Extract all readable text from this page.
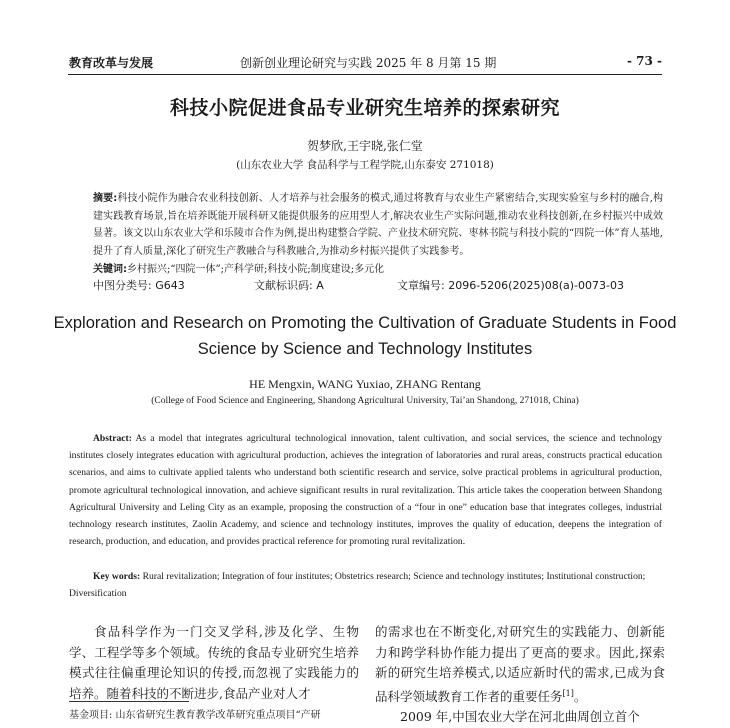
教育改革与发展	创新创业理论研究与实践 2025 年 8 月第 15 期	- 73 -
科技小院促进食品专业研究生培养的探索研究
贺梦欣,王宇晓,张仁堂
(山东农业大学 食品科学与工程学院,山东泰安 271018)
摘要:科技小院作为融合农业科技创新、人才培养与社会服务的模式,通过将教育与农业生产紧密结合,实现实验室与乡村的融合,构建实践教育场景,旨在培养既能开展科研又能提供服务的应用型人才,解决农业生产实际问题,推动农业科技创新,在乡村振兴中成效显著。该文以山东农业大学和乐陵市合作为例,提出构建整合学院、产业技术研究院、枣林书院与科技小院的“四院一体”育人基地,提升了育人质量,深化了研究生产教融合与科教融合,为推动乡村振兴提供了实践参考。
关键词:乡村振兴;“四院一体”;产科学研;科技小院;制度建设;多元化
中图分类号: G643	文献标识码: A	文章编号: 2096-5206(2025)08(a)-0073-03
Exploration and Research on Promoting the Cultivation of Graduate Students in Food Science by Science and Technology Institutes
HE Mengxin, WANG Yuxiao, ZHANG Rentang
(College of Food Science and Engineering, Shandong Agricultural University, Tai’an Shandong, 271018, China)
Abstract: As a model that integrates agricultural technological innovation, talent cultivation, and social services, the science and technology institutes closely integrates education with agricultural production, achieves the integration of laboratories and rural areas, constructs practical education scenarios, and aims to cultivate applied talents who understand both scientific research and service, solve practical problems in agricultural production, promote agricultural technological innovation, and achieve significant results in rural revitalization. This article takes the cooperation between Shandong Agricultural University and Leling City as an example, proposing the construction of a “four in one” education base that integrates colleges, industrial technology research institutes, Zaolin Academy, and science and technology institutes, improves the quality of education, deepens the integration of research, production, and education, and provides practical reference for promoting rural revitalization.
Key words: Rural revitalization; Integration of four institutes; Obstetrics research; Science and technology institutes; Institutional construction; Diversification
食品科学作为一门交叉学科,涉及化学、生物学、工程学等多个领域。传统的食品专业研究生培养模式往往偏重理论知识的传授,而忽视了实践能力的培养。随着科技的不断进步,食品产业对人才
的需求也在不断变化,对研究生的实践能力、创新能力和跨学科协作能力提出了更高的要求。因此,探索新的研究生培养模式,以适应新时代的需求,已成为食品科学领域教育工作者的重要任务[1]。
2009 年,中国农业大学在河北曲周创立首个
基金项目: 山东省研究生教育教学改革研究重点项目“产研
